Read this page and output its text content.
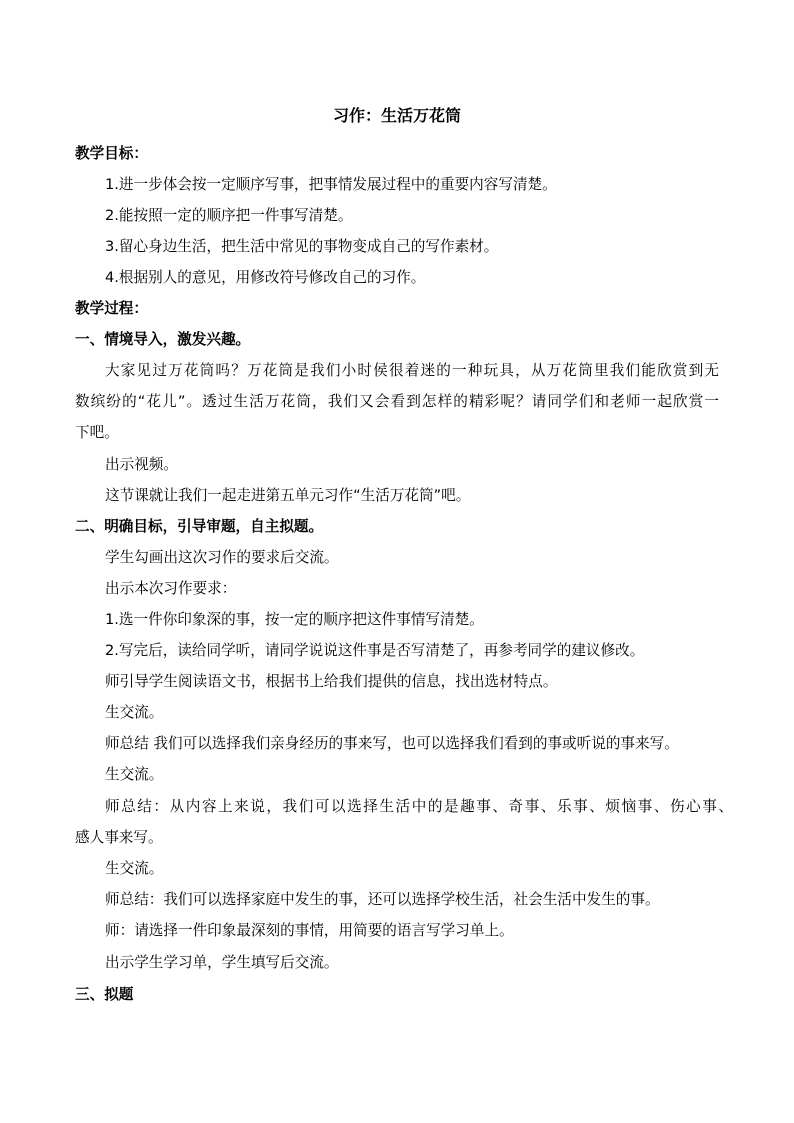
习作：生活万花筒
教学目标：
1.进一步体会按一定顺序写事，把事情发展过程中的重要内容写清楚。
2.能按照一定的顺序把一件事写清楚。
3.留心身边生活，把生活中常见的事物变成自己的写作素材。
4.根据别人的意见，用修改符号修改自己的习作。
教学过程：
一、情境导入，激发兴趣。
大家见过万花筒吗？万花筒是我们小时侯很着迷的一种玩具，从万花筒里我们能欣赏到无
数缤纷的“花儿”。透过生活万花筒，我们又会看到怎样的精彩呢？请同学们和老师一起欣赏一
下吧。
出示视频。
这节课就让我们一起走进第五单元习作“生活万花筒”吧。
二、明确目标，引导审题，自主拟题。
学生勾画出这次习作的要求后交流。
出示本次习作要求：
1.选一件你印象深的事，按一定的顺序把这件事情写清楚。
2.写完后，读给同学听，请同学说说这件事是否写清楚了，再参考同学的建议修改。
师引导学生阅读语文书，根据书上给我们提供的信息，找出选材特点。
生交流。
师总结 我们可以选择我们亲身经历的事来写，也可以选择我们看到的事或听说的事来写。
生交流。
师总结：从内容上来说，我们可以选择生活中的是趣事、奇事、乐事、烦恼事、伤心事、
感人事来写。
生交流。
师总结：我们可以选择家庭中发生的事，还可以选择学校生活，社会生活中发生的事。
师：请选择一件印象最深刻的事情，用简要的语言写学习单上。
出示学生学习单，学生填写后交流。
三、拟题
